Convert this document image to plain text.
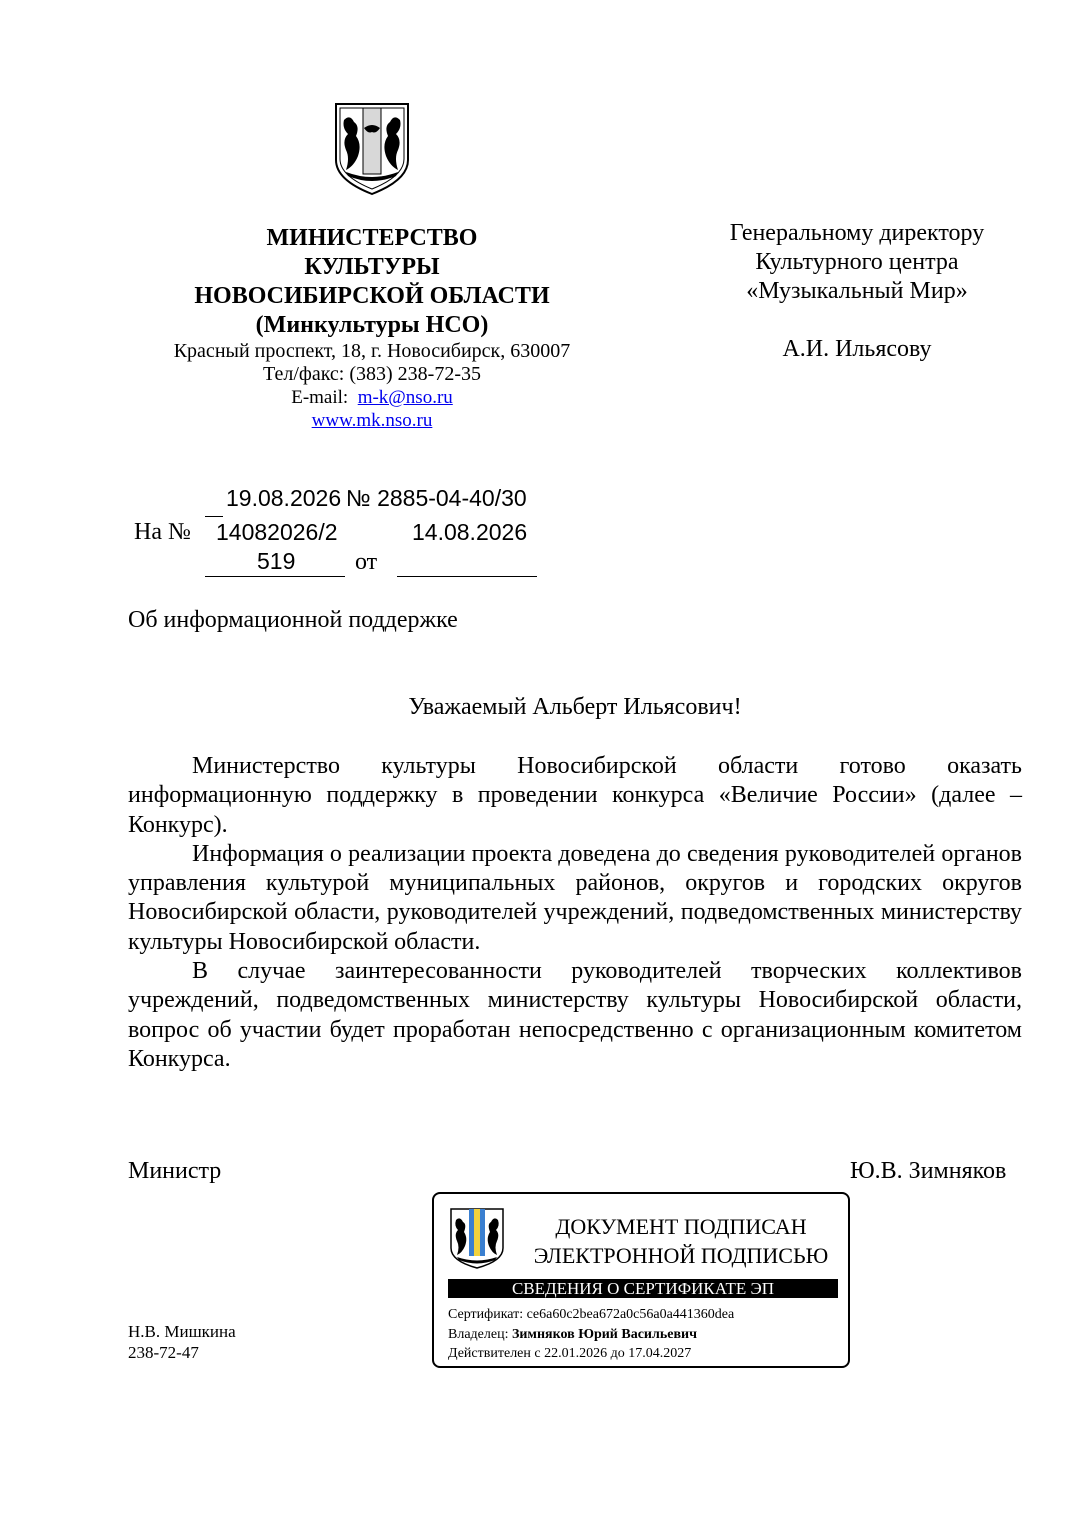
МИНИСТЕРСТВО
КУЛЬТУРЫ
НОВОСИБИРСКОЙ ОБЛАСТИ
(Минкультуры НСО)
Красный проспект, 18, г. Новосибирск, 630007
Тел/факс: (383) 238-72-35
E-mail: m-k@nso.ru
www.mk.nso.ru
Генеральному директору
Культурного центра
«Музыкальный Мир»
А.И. Ильясову
19.08.2026 № 2885-04-40/30
На № 14082026/2	14.08.2026
519 от
Об информационной поддержке
Уважаемый Альберт Ильясович!

Министерство культуры Новосибирской области готово оказать информационную поддержку в проведении конкурса «Величие России» (далее – Конкурс).

Информация о реализации проекта доведена до сведения руководителей органов управления культурой муниципальных районов, округов и городских округов Новосибирской области, руководителей учреждений, подведомственных министерству культуры Новосибирской области.

В случае заинтересованности руководителей творческих коллективов учреждений, подведомственных министерству культуры Новосибирской области, вопрос об участии будет проработан непосредственно с организационным комитетом Конкурса.

Министр	Ю.В. Зимняков
ДОКУМЕНТ ПОДПИСАН
ЭЛЕКТРОННОЙ ПОДПИСЬЮ
СВЕДЕНИЯ О СЕРТИФИКАТЕ ЭП
Сертификат: ce6a60c2bea672a0c56a0a441360dea
Владелец: Зимняков Юрий Васильевич
Действителен с 22.01.2026 до 17.04.2027
Н.В. Мишкина
238-72-47
